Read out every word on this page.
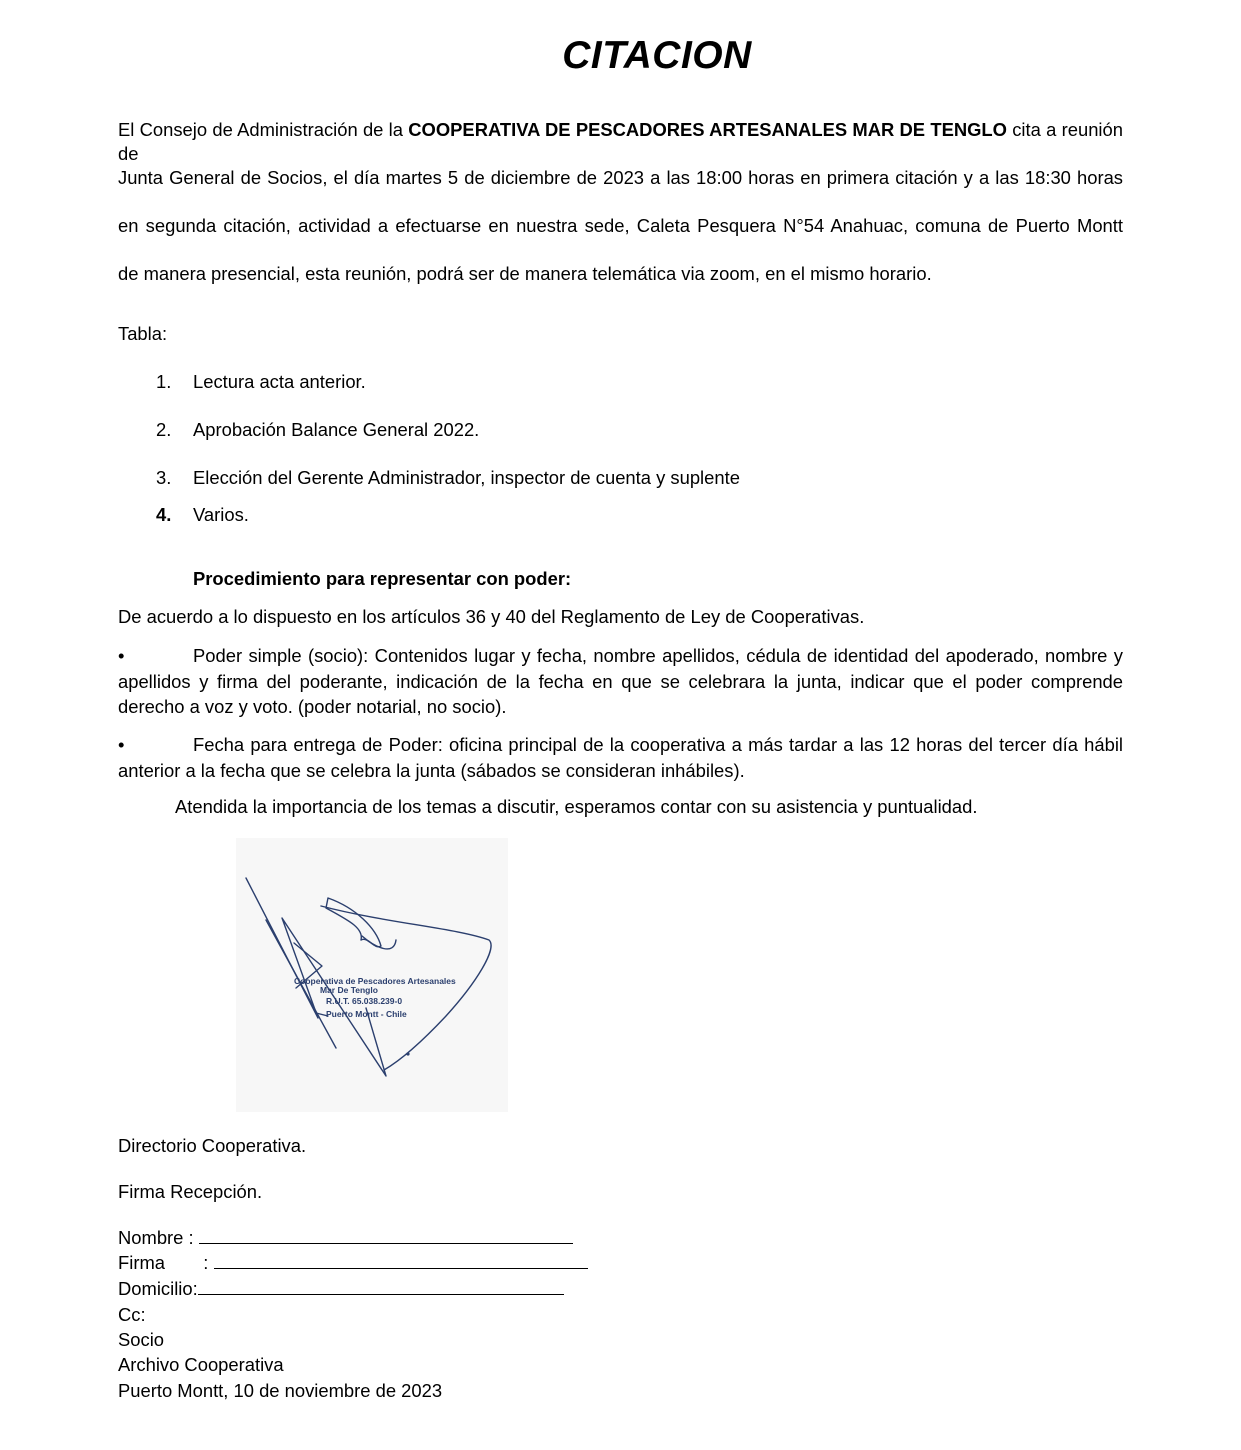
CITACION
El Consejo de Administración de la COOPERATIVA DE PESCADORES ARTESANALES MAR DE TENGLO cita a reunión de
Junta General de Socios, el día martes 5 de diciembre de 2023 a las 18:00 horas en primera citación y a las 18:30 horas
en segunda citación, actividad a efectuarse en nuestra sede, Caleta Pesquera N°54 Anahuac, comuna de Puerto Montt
de manera presencial, esta reunión, podrá ser de manera telemática via zoom, en el mismo horario.
Tabla:
1. Lectura acta anterior.
2. Aprobación Balance General 2022.
3. Elección del Gerente Administrador, inspector de cuenta y suplente
4. Varios.
Procedimiento para representar con poder:
De acuerdo a lo dispuesto en los artículos 36 y 40 del Reglamento de Ley de Cooperativas.
•	Poder simple (socio): Contenidos lugar y fecha, nombre apellidos, cédula de identidad del apoderado, nombre y apellidos y firma del poderante, indicación de la fecha en que se celebrara la junta, indicar que el poder comprende derecho a voz y voto. (poder notarial, no socio).
•	Fecha para entrega de Poder: oficina principal de la cooperativa a más tardar a las 12 horas del tercer día hábil anterior a la fecha que se celebra la junta (sábados se consideran inhábiles).
Atendida la importancia de los temas a discutir, esperamos contar con su asistencia y puntualidad.
Cooperativa de Pescadores Artesanales
Mar De Tenglo
R.U.T. 65.038.239-0
Puerto Montt - Chile
Directorio Cooperativa.
Firma Recepción.
Nombre :
Firma :
Domicilio:
Cc:
Socio
Archivo Cooperativa
Puerto Montt, 10 de noviembre de 2023
